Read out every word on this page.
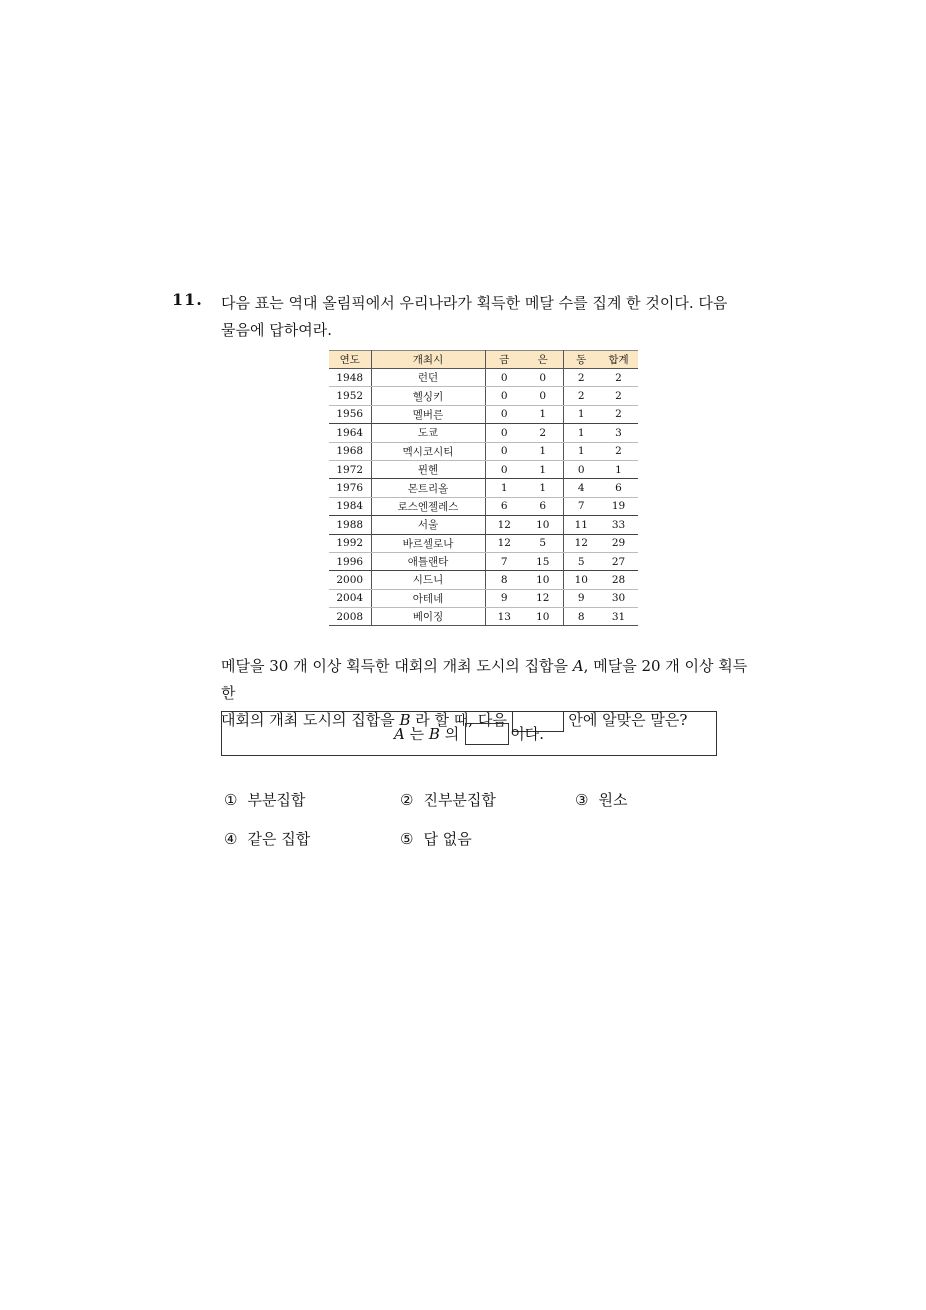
11. 다음 표는 역대 올림픽에서 우리나라가 획득한 메달 수를 집계 한 것이다. 다음

물음에 답하여라.

연도	개최시	금	은	동	합계
1948	런던	0	0	2	2
1952	헬싱키	0	0	2	2
1956	멜버른	0	1	1	2
1964	도쿄	0	2	1	3
1968	멕시코시티	0	1	1	2
1972	뮌헨	0	1	0	1
1976	몬트리올	1	1	4	6
1984	로스엔젤레스	6	6	7	19
1988	서울	12	10	11	33
1992	바르셀로나	12	5	12	29
1996	애틀랜타	7	15	5	27
2000	시드니	8	10	10	28
2004	아테네	9	12	9	30
2008	베이징	13	10	8	31

메달을 30 개 이상 획득한 대회의 개최 도시의 집합을 A, 메달을 20 개 이상 획득한

대회의 개최 도시의 집합을 B 라 할 때, 다음	안에 알맞은 말은?

A
는
B
의	이다.
① 부분집합	② 진부분집합	③ 원소
④ 같은 집합	⑤ 답 없음
